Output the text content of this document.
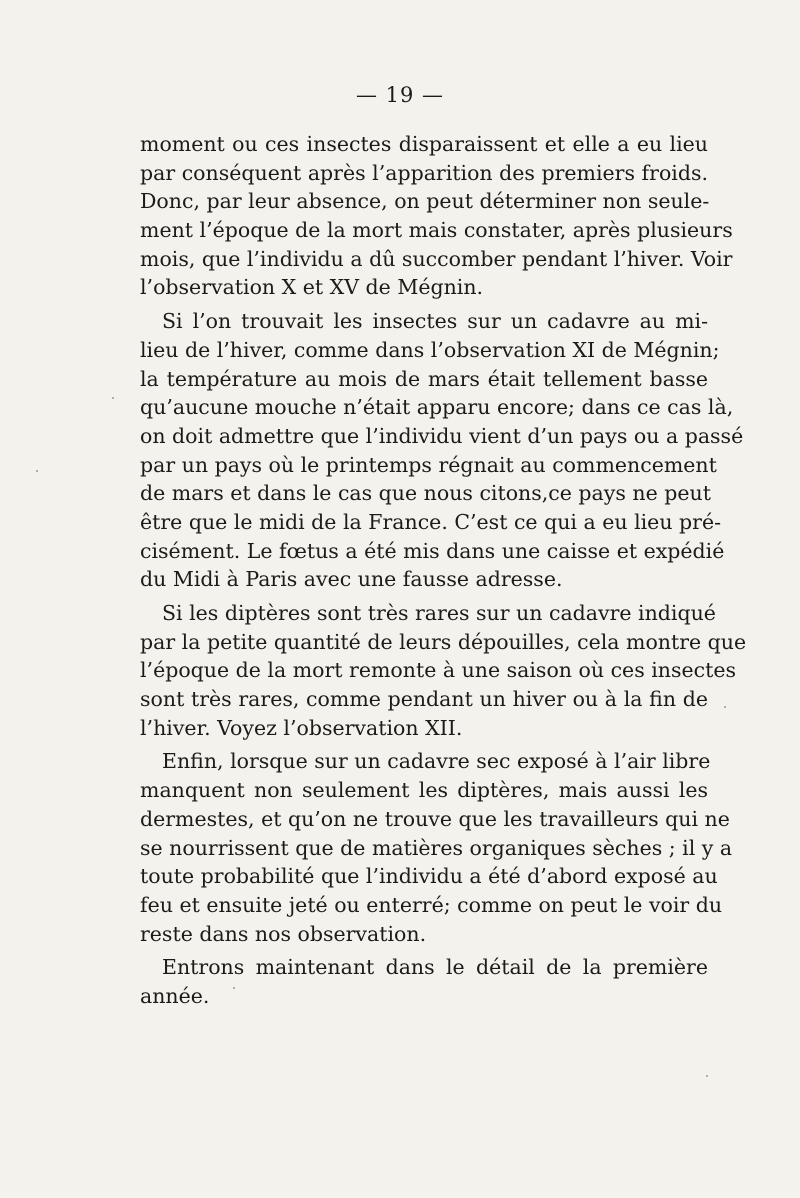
— 19 —
moment ou ces insectes disparaissent et elle a eu lieu
par conséquent après l’apparition des premiers froids.
Donc, par leur absence, on peut déterminer non seule-
ment l’époque de la mort mais constater, après plusieurs
mois, que l’individu a dû succomber pendant l’hiver. Voir
l’observation X et XV de Mégnin.
Si l’on trouvait les insectes sur un cadavre au mi-
lieu de l’hiver, comme dans l’observation XI de Mégnin;
la température au mois de mars était tellement basse
qu’aucune mouche n’était apparu encore; dans ce cas là,
on doit admettre que l’individu vient d’un pays ou a passé
par un pays où le printemps régnait au commencement
de mars et dans le cas que nous citons,ce pays ne peut
être que le midi de la France. C’est ce qui a eu lieu pré-
cisément. Le fœtus a été mis dans une caisse et expédié
du Midi à Paris avec une fausse adresse.
Si les diptères sont très rares sur un cadavre indiqué
par la petite quantité de leurs dépouilles, cela montre que
l’époque de la mort remonte à une saison où ces insectes
sont très rares, comme pendant un hiver ou à la fin de
l’hiver. Voyez l’observation XII.
Enfin, lorsque sur un cadavre sec exposé à l’air libre
manquent non seulement les diptères, mais aussi les
dermestes, et qu’on ne trouve que les travailleurs qui ne
se nourrissent que de matières organiques sèches ; il y a
toute probabilité que l’individu a été d’abord exposé au
feu et ensuite jeté ou enterré; comme on peut le voir du
reste dans nos observation.
Entrons maintenant dans le détail de la première
année.
